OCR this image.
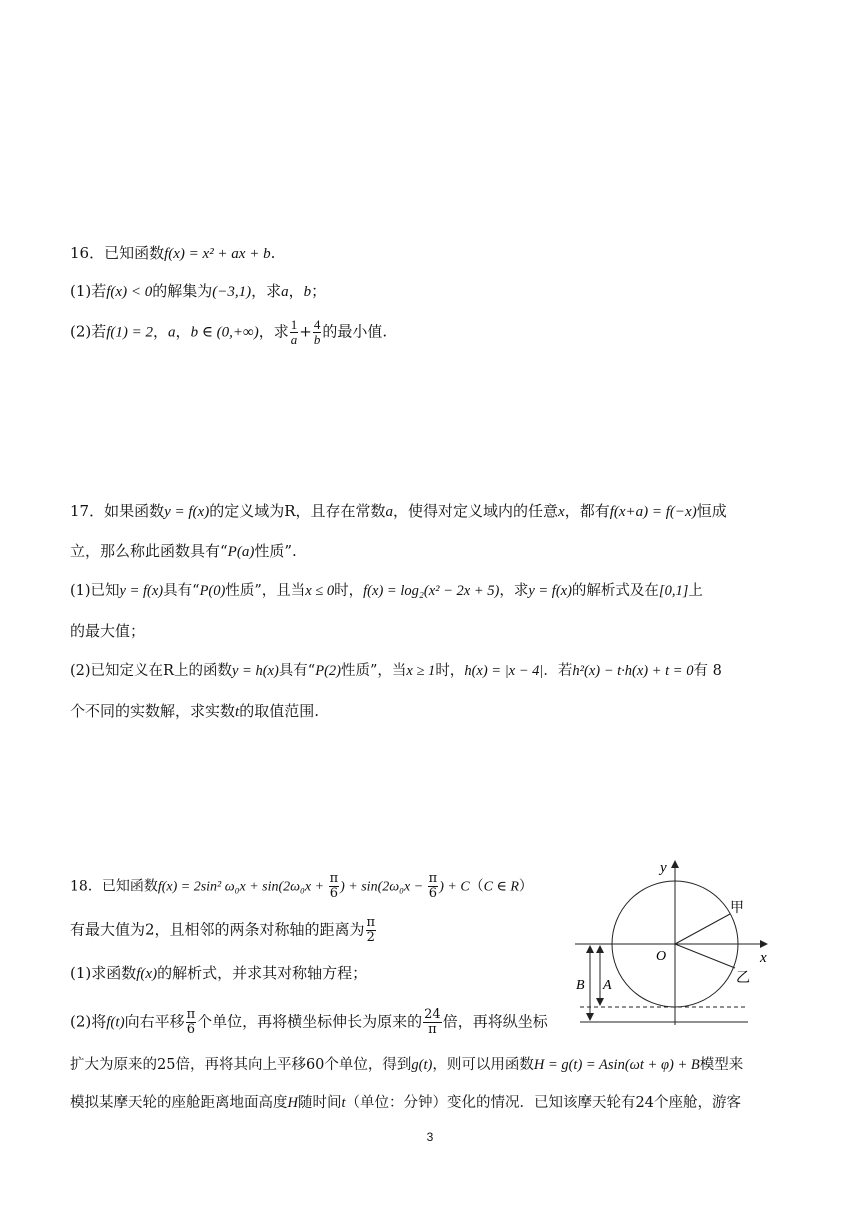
16．已知函数f(x) = x² + ax + b.
(1)若f(x) < 0的解集为(−3,1)，求a，b；
(2)若f(1) = 2，a，b ∈ (0,+∞)，求 $\frac{1}{a} + \frac{4}{b}$ 的最小值.
17．如果函数y = f(x)的定义域为R，且存在常数a，使得对定义域内的任意x，都有f(x+a) = f(−x)恒成
立，那么称此函数具有“P(a)性质”.
(1)已知y = f(x)具有“P(0)性质”，且当x ≤ 0时，f(x) = log₂(x² − 2x + 5)，求y = f(x)的解析式及在[0,1]上
的最大值；
(2)已知定义在R上的函数y = h(x)具有“P(2)性质”，当x ≥ 1时，h(x) = |x − 4|．若h²(x) − t·h(x) + t = 0有 8
个不同的实数解，求实数t的取值范围.
18．已知函数f(x) = 2sin² $\omega_0x + \sin(2\omega_0x + \frac{\pi}{6}$ ) + $\sin(2\omega_0x - \frac{\pi}{6}$ ) + C（C ∈ R）
有最大值为2，且相邻的两条对称轴的距离为 $\frac{\pi}{2}$
(1)求函数f(x)的解析式，并求其对称轴方程；
(2)将f(t)向右平移 $\frac{\pi}{6}$ 个单位，再将横坐标伸长为原来的 $\frac{24}{\pi}$ 倍，再将纵坐标
扩大为原来的25倍，再将其向上平移60个单位，得到g(t)，则可以用函数H = g(t) = Asin(ωt + φ) + B模型来
模拟某摩天轮的座舱距离地面高度H随时间t（单位：分钟）变化的情况．已知该摩天轮有24个座舱，游客
y
x
O
甲
乙
B A
3
